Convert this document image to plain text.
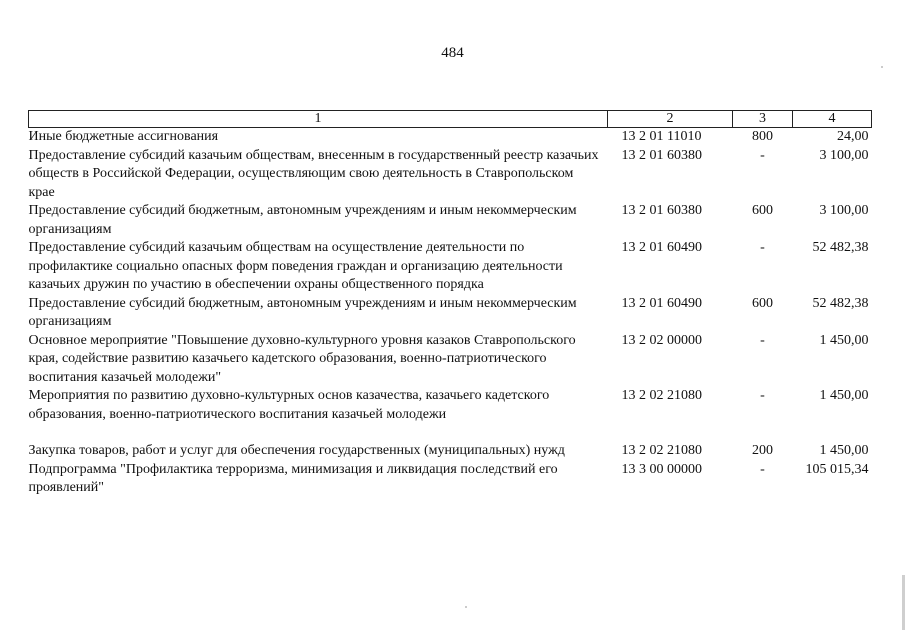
484
1	2	3	4
Иные бюджетные ассигнования	13 2 01 11010	800	24,00
Предоставление субсидий казачьим обществам, внесенным в государственный реестр казачьих обществ в Российской Федерации, осуществляющим свою деятельность в Ставропольском крае	13 2 01 60380	-	3 100,00
Предоставление субсидий бюджетным, автономным учреждениям и иным некоммерческим организациям	13 2 01 60380	600	3 100,00
Предоставление субсидий казачьим обществам на осуществление деятельности по профилактике социально опасных форм поведения граждан и организацию деятельности казачьих дружин по участию в обеспечении охраны общественного порядка	13 2 01 60490	-	52 482,38
Предоставление субсидий бюджетным, автономным учреждениям и иным некоммерческим организациям	13 2 01 60490	600	52 482,38
Основное мероприятие "Повышение духовно-культурного уровня казаков Ставропольского края, содействие развитию казачьего кадетского образования, военно-патриотического воспитания казачьей молодежи"	13 2 02 00000	-	1 450,00
Мероприятия по развитию духовно-культурных основ казачества, казачьего кадетского образования, военно-патриотического воспитания казачьей молодежи	13 2 02 21080	-	1 450,00
Закупка товаров, работ и услуг для обеспечения государственных (муниципальных) нужд	13 2 02 21080	200	1 450,00
Подпрограмма "Профилактика терроризма, минимизация и ликвидация последствий его проявлений"	13 3 00 00000	-	105 015,34
